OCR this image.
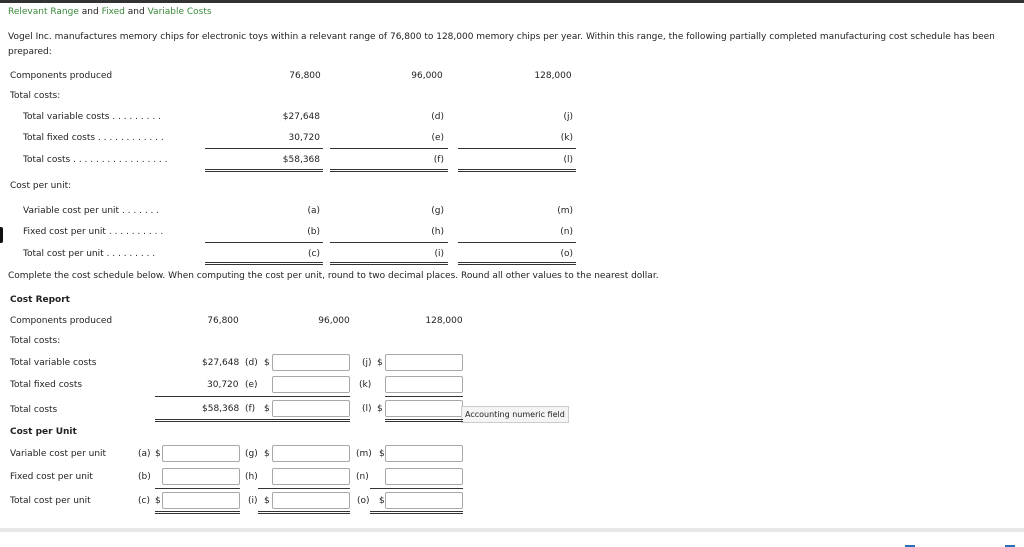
Relevant Range and Fixed and Variable Costs
Vogel Inc. manufactures memory chips for electronic toys within a relevant range of 76,800 to 128,000 memory chips per year. Within this range, the following partially completed manufacturing cost schedule has been
prepared:
Components produced	76,800	96,000	128,000
Total costs:
Total variable costs . . . . . . . . .	$27,648	(d)	(j)
Total fixed costs . . . . . . . . . . . .	30,720	(e)	(k)
Total costs . . . . . . . . . . . . . . . . .	$58,368	(f)	(l)
Cost per unit:
Variable cost per unit . . . . . . .	(a)	(g)	(m)
Fixed cost per unit . . . . . . . . . .	(b)	(h)	(n)
Total cost per unit . . . . . . . . .	(c)	(i)	(o)
Complete the cost schedule below. When computing the cost per unit, round to two decimal places. Round all other values to the nearest dollar.
Cost Report
Components produced	76,800	96,000	128,000
Total costs:
Total variable costs	$27,648 (d) $	(j) $
Total fixed costs	30,720 (e)	(k)
Total costs	$58,368 (f) $	(l) $
Accounting numeric field
Cost per Unit
Variable cost per unit	(a) $	(g) $	(m) $
Fixed cost per unit	(b)	(h)	(n)
Total cost per unit	(c) $	(i) $	(o) $
